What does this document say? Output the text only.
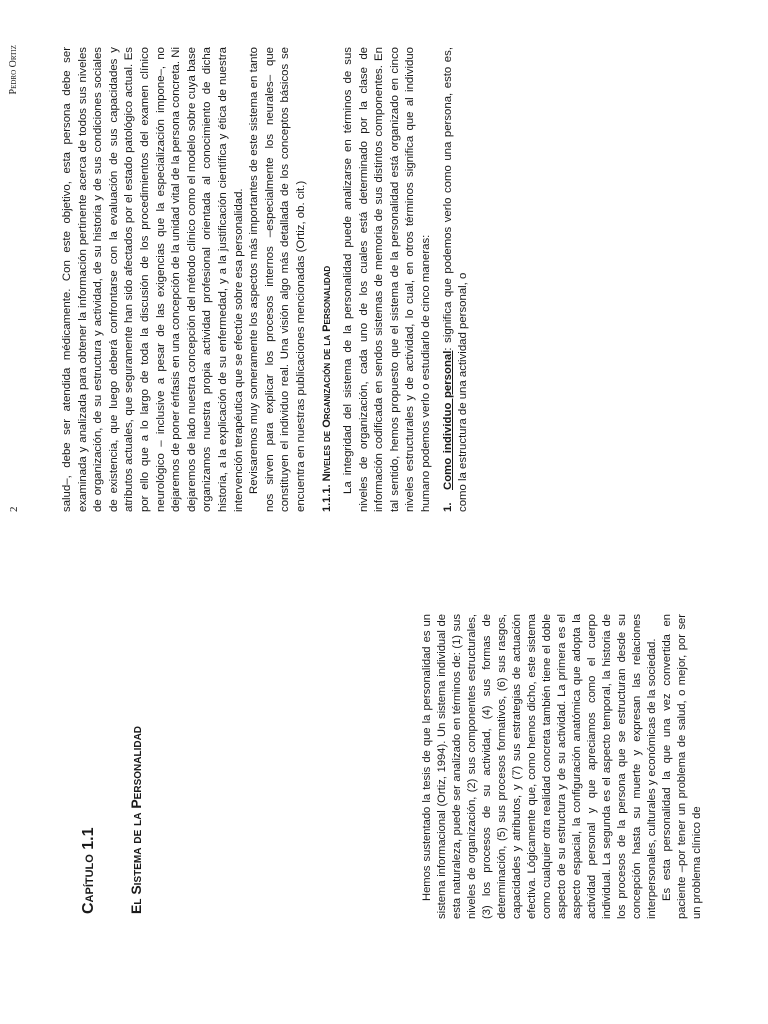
Capítulo 1.1 El Sistema de la Personalidad	Hemos sustentado la tesis de que la personalidad es un sistema informacional (Ortiz, 1994). Un sistema individual de esta naturaleza, puede ser analizado en términos de: (1) sus niveles de organización, (2) sus componentes estructurales, (3) los procesos de su actividad, (4) sus formas de determinación, (5) sus procesos formativos, (6) sus rasgos, capacidades y atributos, y (7) sus estrategias de actuación efectiva. Lógicamente que, como hemos dicho, este sistema como cualquier otra realidad concreta también tiene el doble aspecto de su estructura y de su actividad. La primera es el aspecto espacial, la configuración anatómica que adopta la actividad personal y que apreciamos como el cuerpo individual. La segunda es el aspecto temporal, la historia de los procesos de la persona que se estructuran desde su concepción hasta su muerte y expresan las relaciones interpersonales, culturales y económicas de la sociedad. Es esta personalidad la que una vez convertida en paciente –por tener un problema de salud, o mejor, por ser un problema clínico de

2
Pedro Ortiz	salud–, debe ser atendida médicamente. Con este objetivo, esta persona debe ser examinada y analizada para obtener la información pertinente acerca de todos sus niveles de organización, de su estructura y actividad, de su historia y de sus condiciones sociales de existencia, que luego deberá confrontarse con la evaluación de sus capacidades y atributos actuales, que seguramente han sido afectados por el estado patológico actual. Es por ello que a lo largo de toda la discusión de los procedimientos del examen clínico neurológico – inclusive a pesar de las exigencias que la especialización impone–, no dejaremos de poner énfasis en una concepción de la unidad vital de la persona concreta. Ni dejaremos de lado nuestra concepción del método clínico como el modelo sobre cuya base organizamos nuestra propia actividad profesional orientada al conocimiento de dicha historia, a la explicación de su enfermedad, y a la justificación científica y ética de nuestra intervención terapéutica que se efectúe sobre esa personalidad. Revisaremos muy someramente los aspectos más importantes de este sistema en tanto nos sirven para explicar los procesos internos –especialmente los neurales– que constituyen el individuo real. Una visión algo más detallada de los conceptos básicos se encuentra en nuestras publicaciones mencionadas (Ortiz, ob. cit.) 1.1.1. Niveles de Organización de la Personalidad La integridad del sistema de la personalidad puede analizarse en términos de sus niveles de organización, cada uno de los cuales está determinado por la clase de información codificada en sendos sistemas de memoria de sus distintos componentes. En tal sentido, hemos propuesto que el sistema de la personalidad está organizado en cinco niveles estructurales y de actividad, lo cual, en otros términos significa que al individuo humano podemos verlo o estudiarlo de cinco maneras: 1.Como individuo personal: significa que podemos verlo como una persona, esto es, como la estructura de una actividad personal, o
